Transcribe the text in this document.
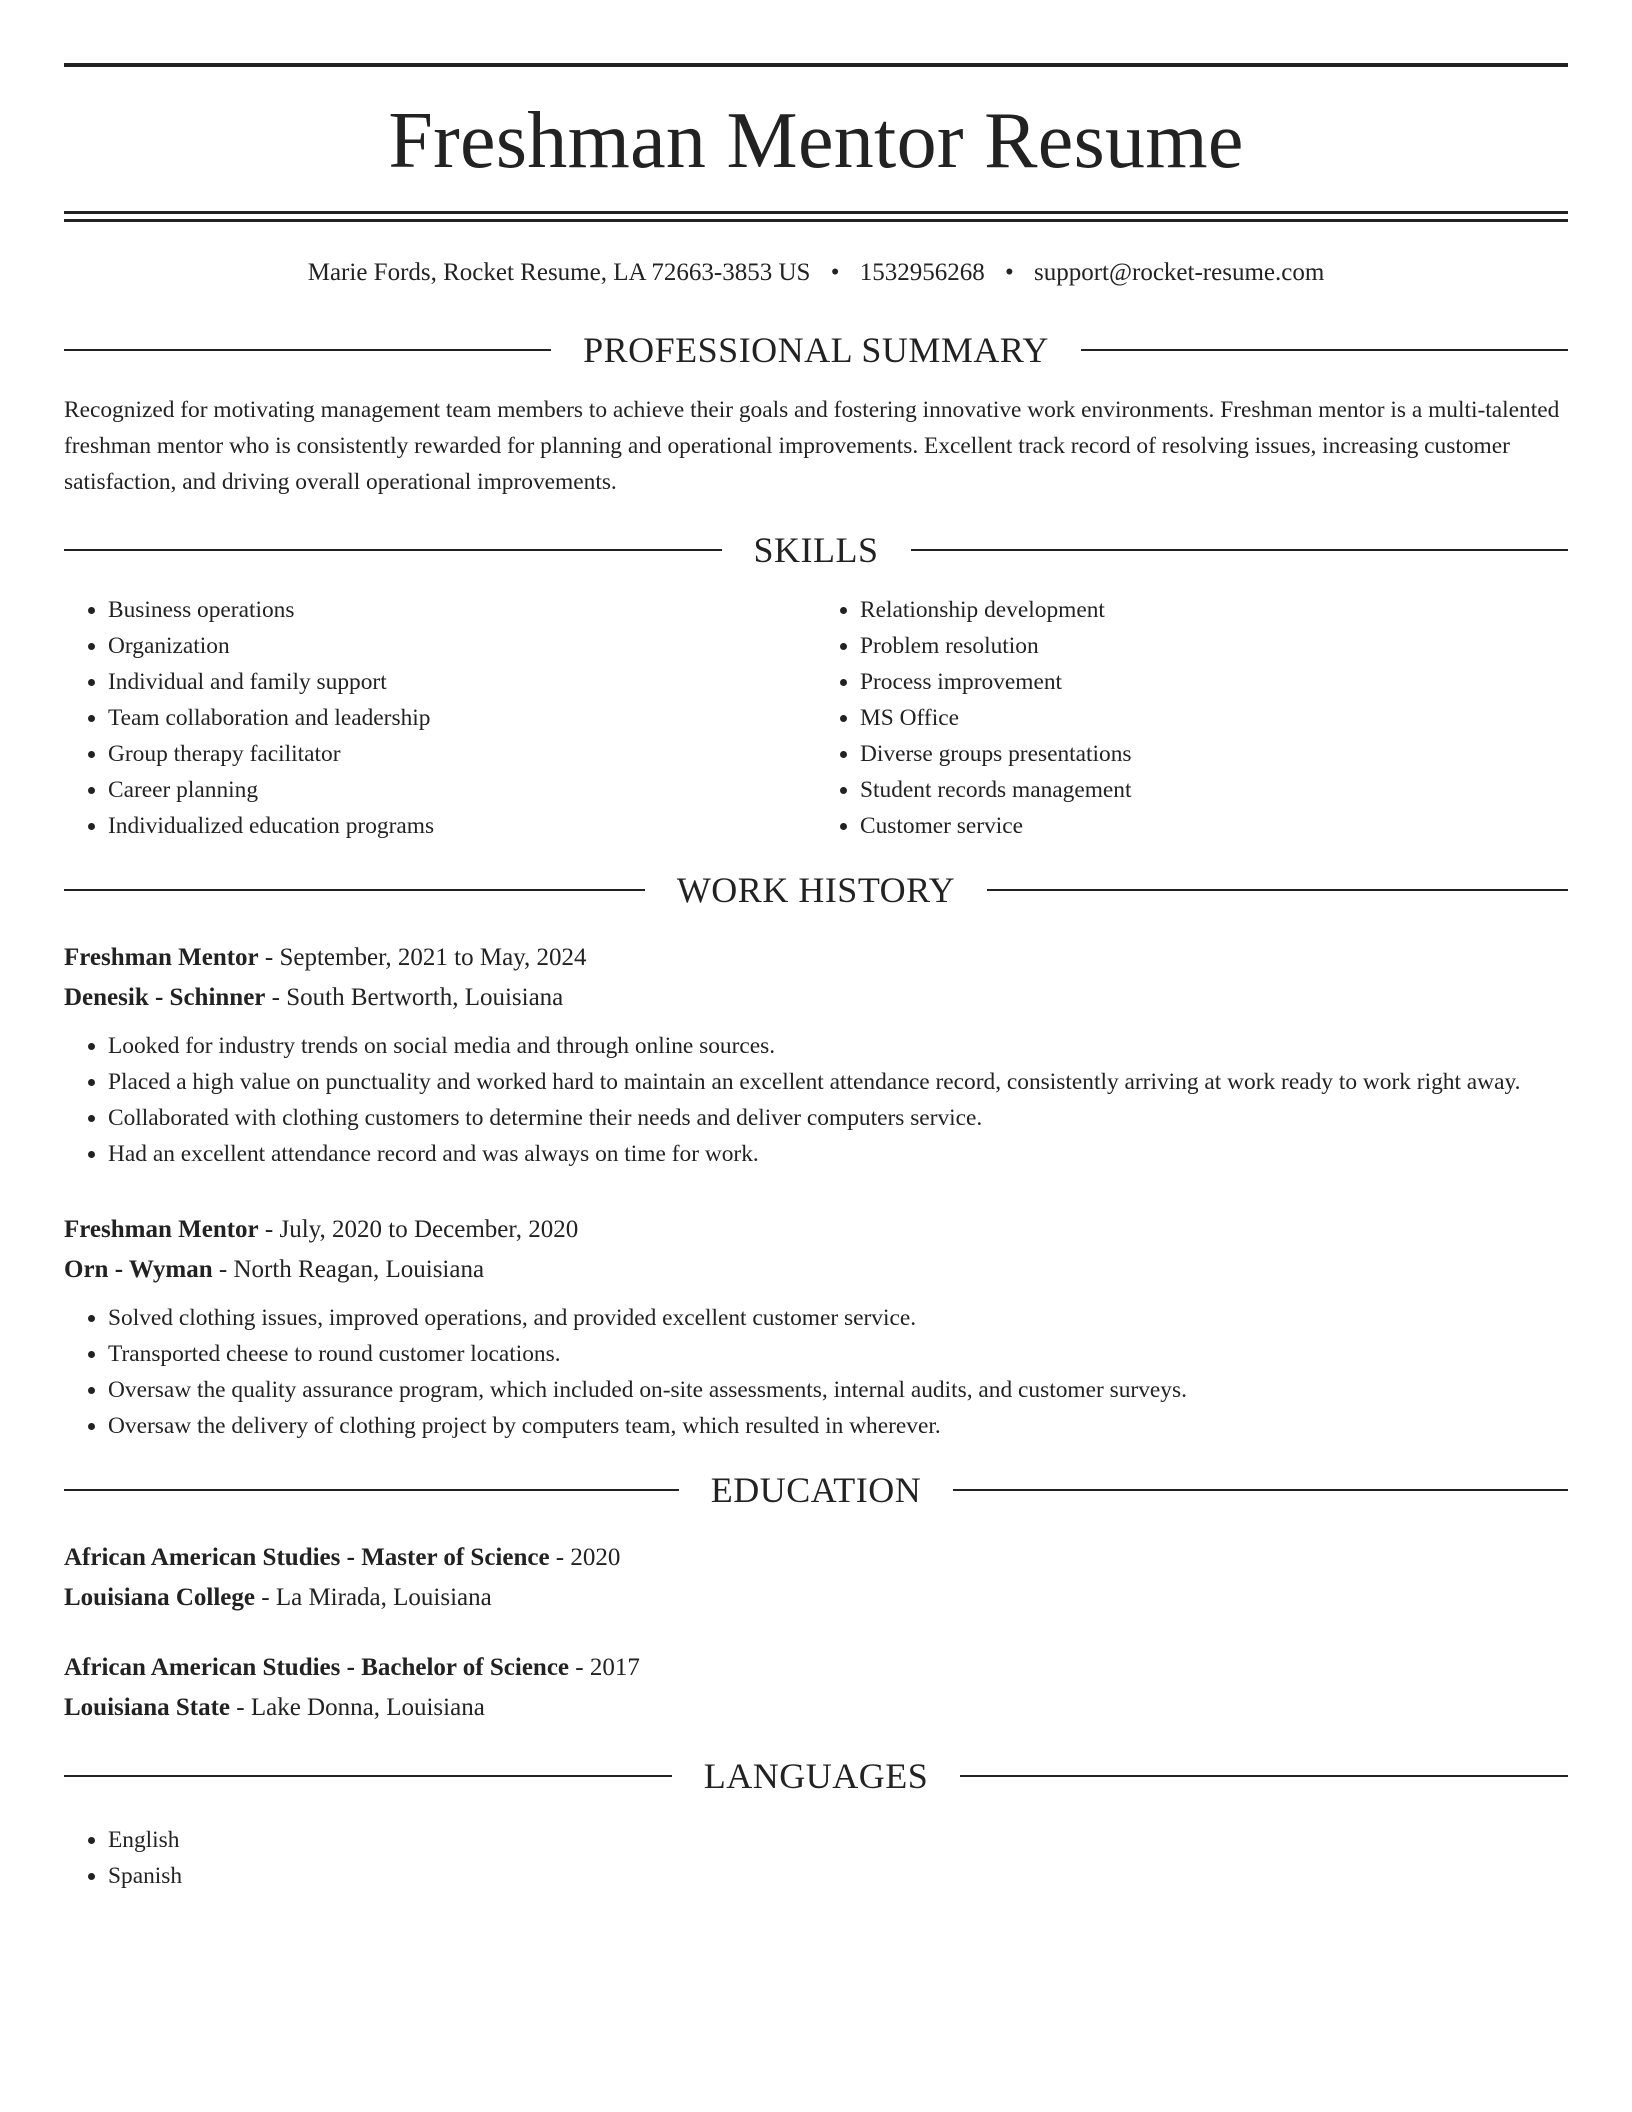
Freshman Mentor Resume
Marie Fords, Rocket Resume, LA 72663-3853 US • 1532956268 • support@rocket-resume.com
PROFESSIONAL SUMMARY

Recognized for motivating management team members to achieve their goals and fostering innovative work environments. Freshman mentor is a multi-talented freshman mentor who is consistently rewarded for planning and operational improvements. Excellent track record of resolving issues, increasing customer satisfaction, and driving overall operational improvements.

SKILLS
• Business operations
• Organization
• Individual and family support
• Team collaboration and leadership
• Group therapy facilitator
• Career planning
• Individualized education programs
• Relationship development
• Problem resolution
• Process improvement
• MS Office
• Diverse groups presentations
• Student records management
• Customer service
WORK HISTORY
Freshman Mentor - September, 2021 to May, 2024
Denesik - Schinner - South Bertworth, Louisiana
• Looked for industry trends on social media and through online sources.
• Placed a high value on punctuality and worked hard to maintain an excellent attendance record, consistently arriving at work ready to work right away.
• Collaborated with clothing customers to determine their needs and deliver computers service.
• Had an excellent attendance record and was always on time for work.
Freshman Mentor - July, 2020 to December, 2020
Orn - Wyman - North Reagan, Louisiana
• Solved clothing issues, improved operations, and provided excellent customer service.
• Transported cheese to round customer locations.
• Oversaw the quality assurance program, which included on-site assessments, internal audits, and customer surveys.
• Oversaw the delivery of clothing project by computers team, which resulted in wherever.
EDUCATION
African American Studies - Master of Science - 2020
Louisiana College - La Mirada, Louisiana
African American Studies - Bachelor of Science - 2017
Louisiana State - Lake Donna, Louisiana
LANGUAGES
• English
• Spanish
